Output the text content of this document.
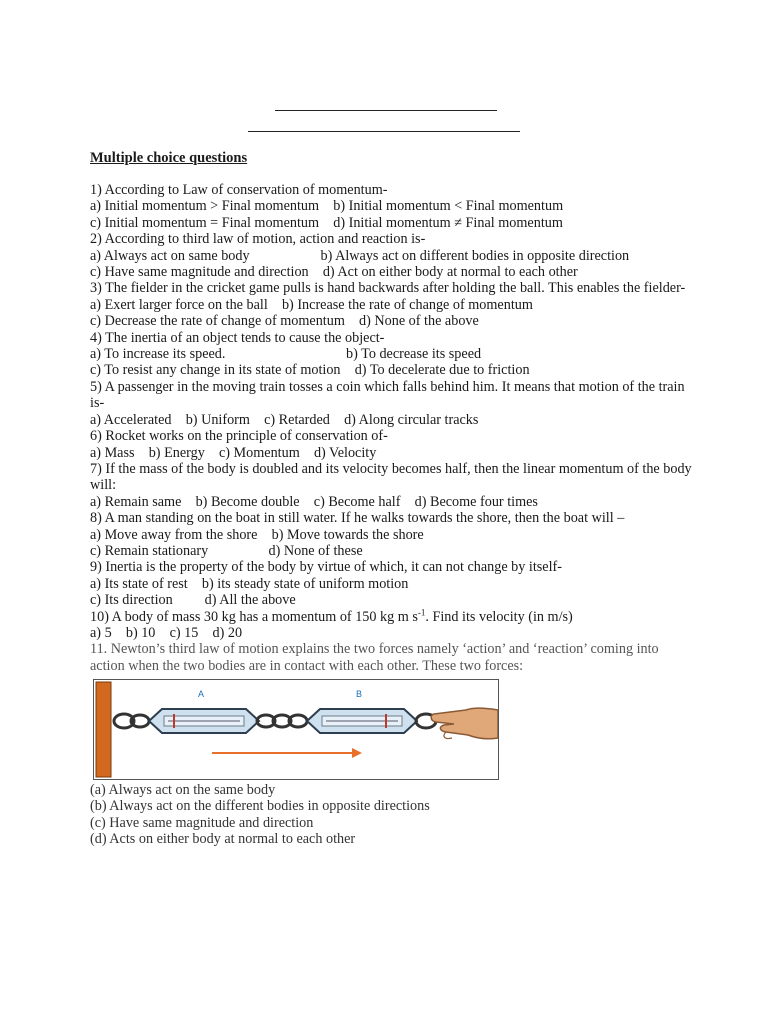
Multiple choice questions
1) According to Law of conservation of momentum-
a) Initial momentum > Final momentum    b) Initial momentum < Final momentum
c) Initial momentum = Final momentum    d) Initial momentum ≠ Final momentum
2) According to third law of motion, action and reaction is-
a) Always act on same body                    b) Always act on different bodies in opposite direction
c) Have same magnitude and direction    d) Act on either body at normal to each other
3) The fielder in the cricket game pulls is hand backwards after holding the ball. This enables the fielder-
a) Exert larger force on the ball    b) Increase the rate of change of momentum
c) Decrease the rate of change of momentum    d) None of the above
4) The inertia of an object tends to cause the object-
a) To increase its speed.                                  b) To decrease its speed
c) To resist any change in its state of motion    d) To decelerate due to friction
5) A passenger in the moving train tosses a coin which falls behind him. It means that motion of the train
is-
a) Accelerated    b) Uniform    c) Retarded    d) Along circular tracks
6) Rocket works on the principle of conservation of-
a) Mass    b) Energy    c) Momentum    d) Velocity
7) If the mass of the body is doubled and its velocity becomes half, then the linear momentum of the body
will:
a) Remain same    b) Become double    c) Become half    d) Become four times
8) A man standing on the boat in still water. If he walks towards the shore, then the boat will –
a) Move away from the shore    b) Move towards the shore
c) Remain stationary                 d) None of these
9) Inertia is the property of the body by virtue of which, it can not change by itself-
a) Its state of rest    b) its steady state of uniform motion
c) Its direction         d) All the above
10) A body of mass 30 kg has a momentum of 150 kg m $s^{-1}$. Find its velocity (in m/s)
a) 5    b) 10    c) 15    d) 20
11. Newton’s third law of motion explains the two forces namely ‘action’ and ‘reaction’ coming into
action when the two bodies are in contact with each other. These two forces:
A	B
(a) Always act on the same body
(b) Always act on the different bodies in opposite directions
(c) Have same magnitude and direction
(d) Acts on either body at normal to each other
